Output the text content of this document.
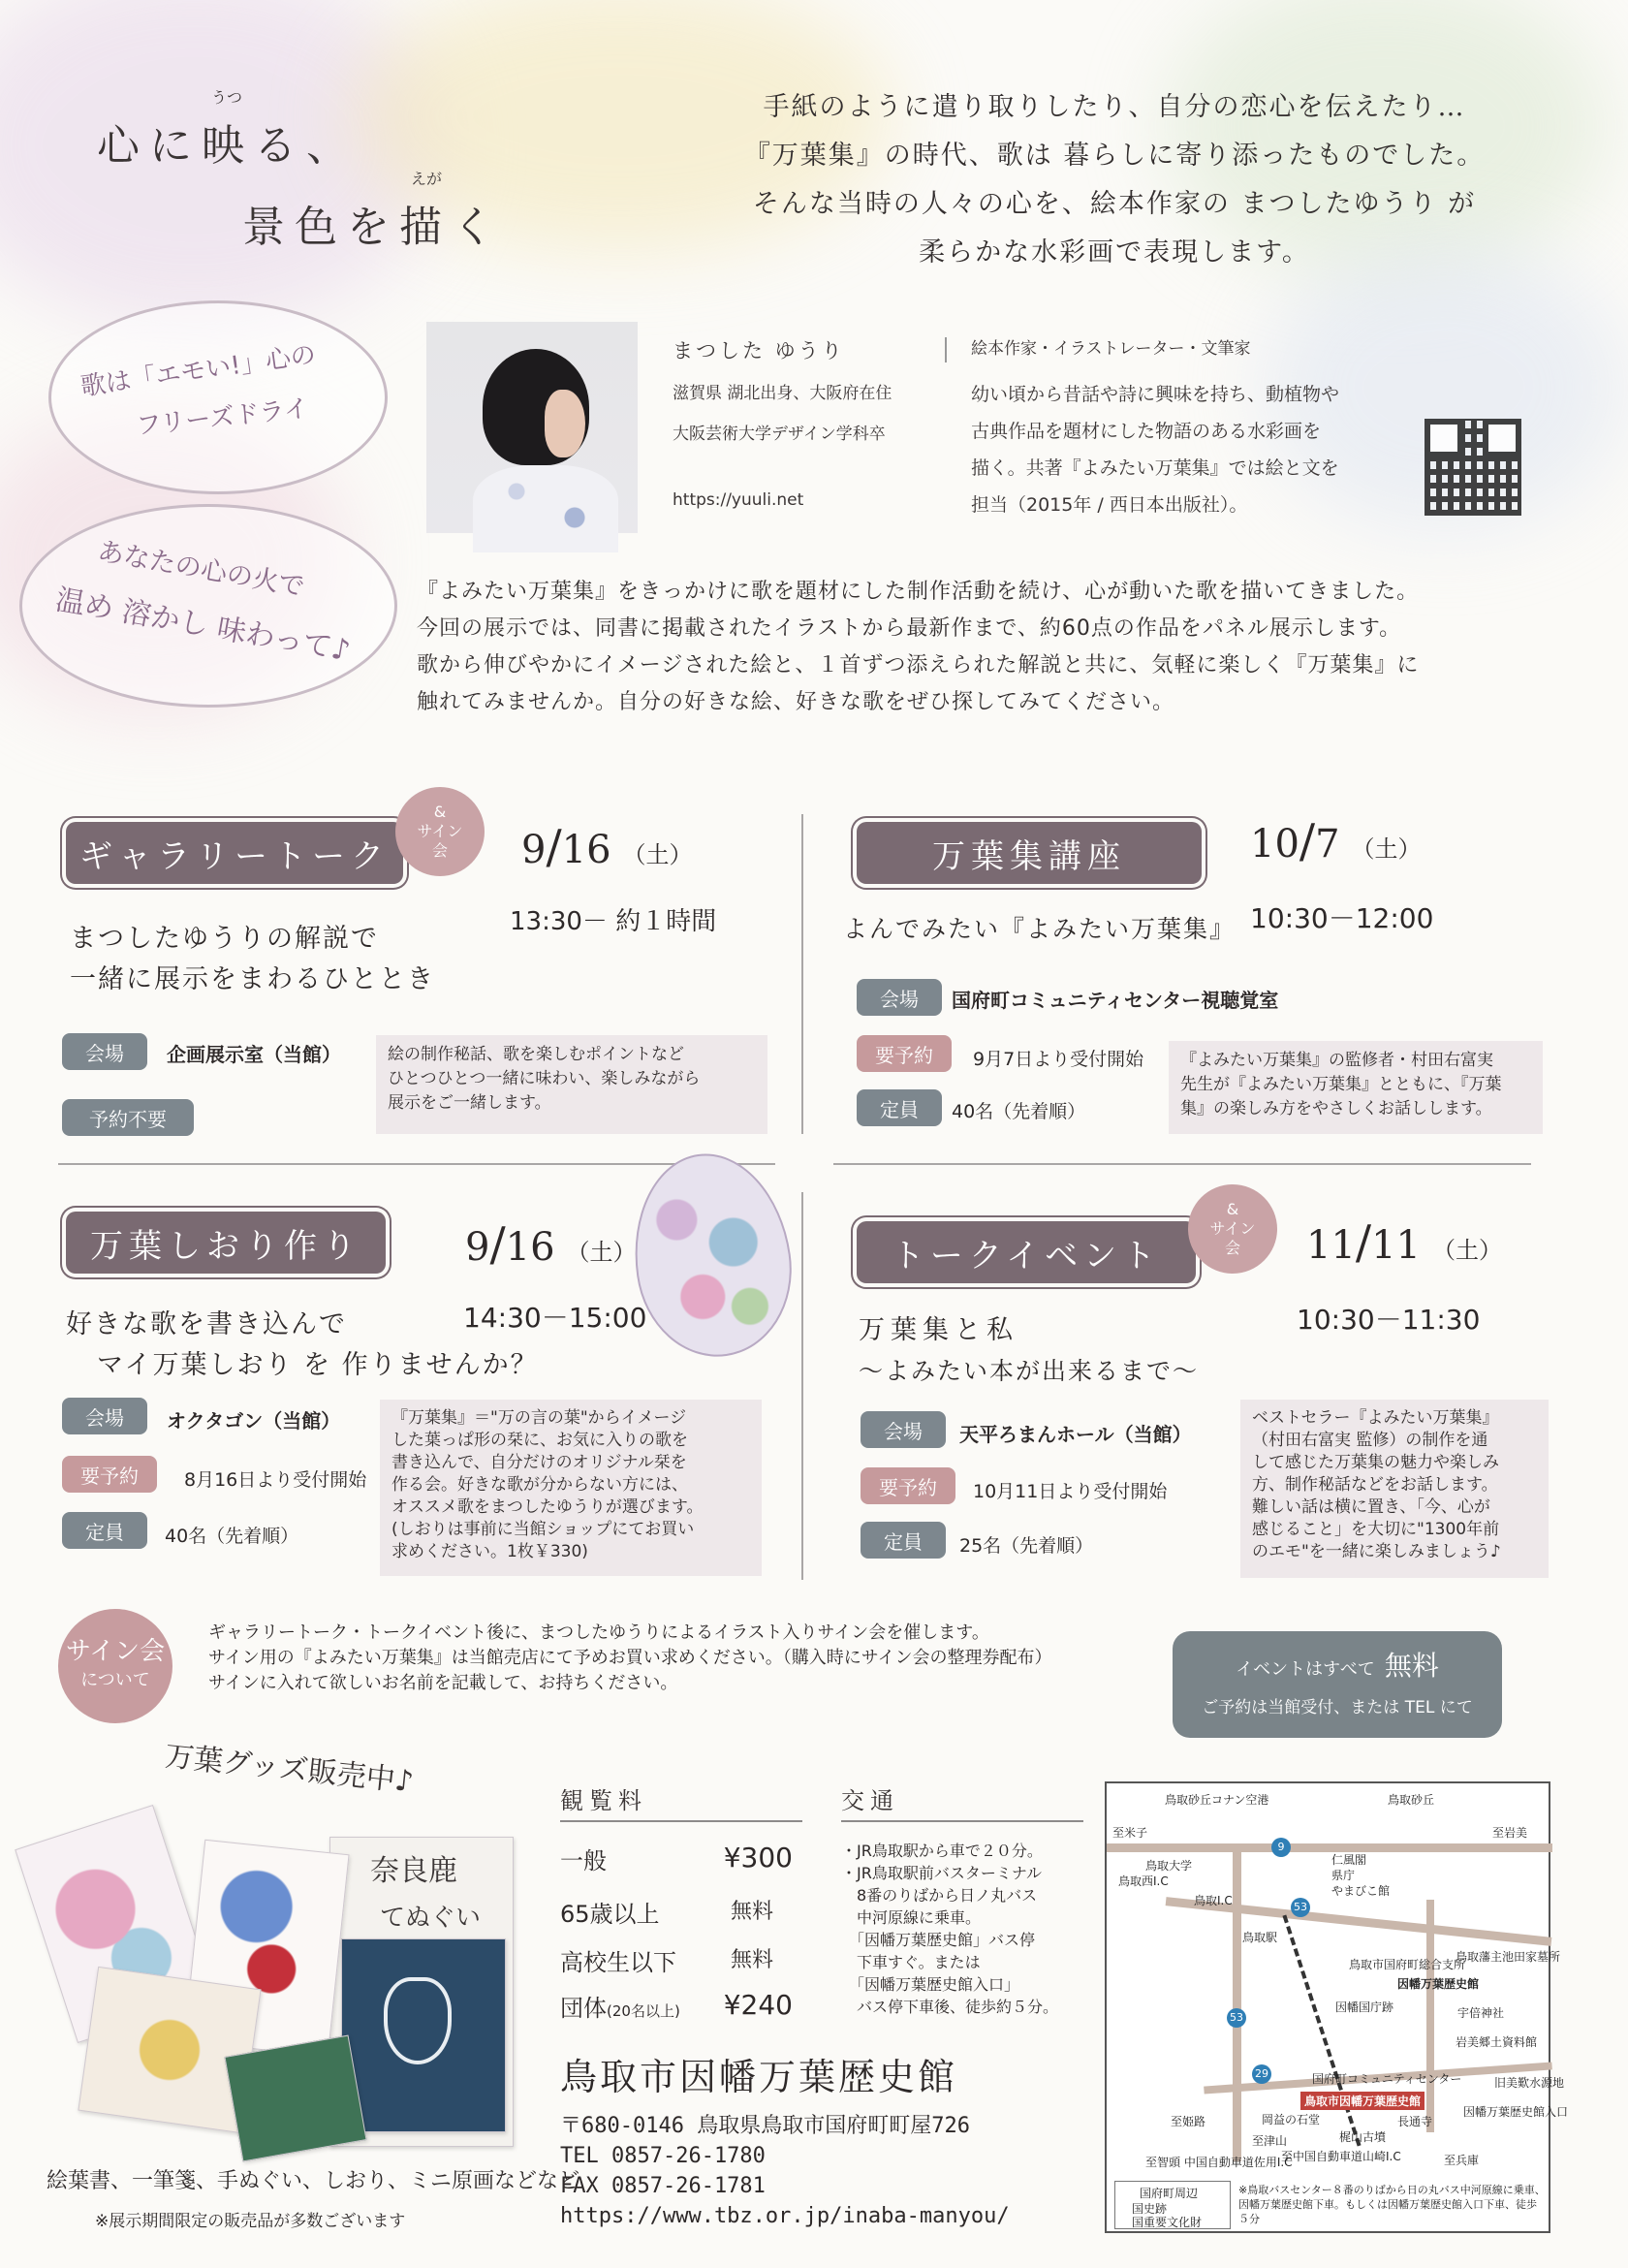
うつ
心に映る、
えが
景色を描く
手紙のように遣り取りしたり、自分の恋心を伝えたり…
『万葉集』の時代、歌は 暮らしに寄り添ったものでした。
そんな当時の人々の心を、絵本作家の まつしたゆうり が
柔らかな水彩画で表現します。
歌は「エモい!」心の
フリーズドライ
あなたの心の火で
温め 溶かし 味わって♪
まつした ゆうり	絵本作家・イラストレーター・文筆家
滋賀県 湖北出身、大阪府在住
大阪芸術大学デザイン学科卒
https://yuuli.net
幼い頃から昔話や詩に興味を持ち、動植物や
古典作品を題材にした物語のある水彩画を
描く。共著『よみたい万葉集』では絵と文を
担当（2015年 / 西日本出版社）。
『よみたい万葉集』をきっかけに歌を題材にした制作活動を続け、心が動いた歌を描いてきました。
今回の展示では、同書に掲載されたイラストから最新作まで、約60点の作品をパネル展示します。
歌から伸びやかにイメージされた絵と、１首ずつ添えられた解説と共に、気軽に楽しく『万葉集』に
触れてみませんか。自分の好きな絵、好きな歌をぜひ探してみてください。
ギャラリートーク
&
サイン
会 9/16 （土）
13:30－ 約１時間
まつしたゆうりの解説で
一緒に展示をまわるひととき
会場	企画展示室（当館）
予約不要
絵の制作秘話、歌を楽しむポイントなど
ひとつひとつ一緒に味わい、楽しみながら
展示をご一緒します。
万葉集講座	10/7 （土）
10:30－12:00
よんでみたい『よみたい万葉集』
会場	国府町コミュニティセンター視聴覚室
要予約	9月7日より受付開始
定員	40名（先着順）
『よみたい万葉集』の監修者・村田右富実
先生が『よみたい万葉集』とともに、『万葉
集』の楽しみ方をやさしくお話しします。
万葉しおり作り	9/16 （土）
14:30－15:00
好きな歌を書き込んで
マイ万葉しおり を 作りませんか？
会場	オクタゴン（当館）
要予約	8月16日より受付開始
定員	40名（先着順）
『万葉集』＝"万の言の葉"からイメージ
した葉っぱ形の栞に、お気に入りの歌を
書き込んで、自分だけのオリジナル栞を
作る会。好きな歌が分からない方には、
オススメ歌をまつしたゆうりが選びます。
(しおりは事前に当館ショップにてお買い
求めください。1枚￥330)
トークイベント
&
サイン
会 11/11 （土）
10:30－11:30
万葉集と私
～よみたい本が出来るまで～
会場	天平ろまんホール（当館）
要予約	10月11日より受付開始
定員	25名（先着順）
ベストセラー『よみたい万葉集』
（村田右富実 監修）の制作を通
して感じた万葉集の魅力や楽しみ
方、制作秘話などをお話します。
難しい話は横に置き、「今、心が
感じること」を大切に"1300年前
のエモ"を一緒に楽しみましょう♪
サイン会
について
ギャラリートーク・トークイベント後に、まつしたゆうりによるイラスト入りサイン会を催します。
サイン用の『よみたい万葉集』は当館売店にて予めお買い求めください。（購入時にサイン会の整理券配布）
サインに入れて欲しいお名前を記載して、お持ちください。
イベントはすべて 無料
ご予約は当館受付、または TEL にて
万葉グッズ販売中♪
奈良鹿
てぬぐい
絵葉書、一筆箋、手ぬぐい、しおり、ミニ原画などなど
※展示期間限定の販売品が多数ございます
観覧料
一般	¥300
65歳以上	無料
高校生以下	無料
団体(20名以上) ¥240
交通
・JR鳥取駅から車で２０分。
・JR鳥取駅前バスターミナル
　8番のりばから日ノ丸バス
　中河原線に乗車。
　「因幡万葉歴史館」バス停
　下車すぐ。または
　「因幡万葉歴史館入口」
　バス停下車後、徒歩約５分。
鳥取市因幡万葉歴史館
〒680-0146 鳥取県鳥取市国府町町屋726
TEL 0857-26-1780
FAX 0857-26-1781
https://www.tbz.or.jp/inaba-manyou/
9
53
29
53
鳥取砂丘コナン空港	鳥取砂丘
至米子	至岩美
鳥取大学
鳥取西I.C
鳥取I.C
仁風閣
県庁
やまびこ館
鳥取駅
鳥取市国府町総合支所
因幡万葉歴史館
因幡国庁跡	宇倍神社
鳥取藩主池田家墓所
岩美郷土資料館
岡益の石堂
国府町コミュニティセンター
鳥取市因幡万葉歴史館
因幡万葉歴史館入口
梶山古墳
長通寺
至姫路
至津山
至智頭 中国自動車道佐用I.C
至中国自動車道山崎I.C	至兵庫
旧美歎水源地
国府町周辺
国史跡
国重要文化財
※鳥取バスセンター８番のりばから日の丸バス中河原線に乗車、因幡万葉歴史館下車。もしくは因幡万葉歴史館入口下車、徒歩５分
